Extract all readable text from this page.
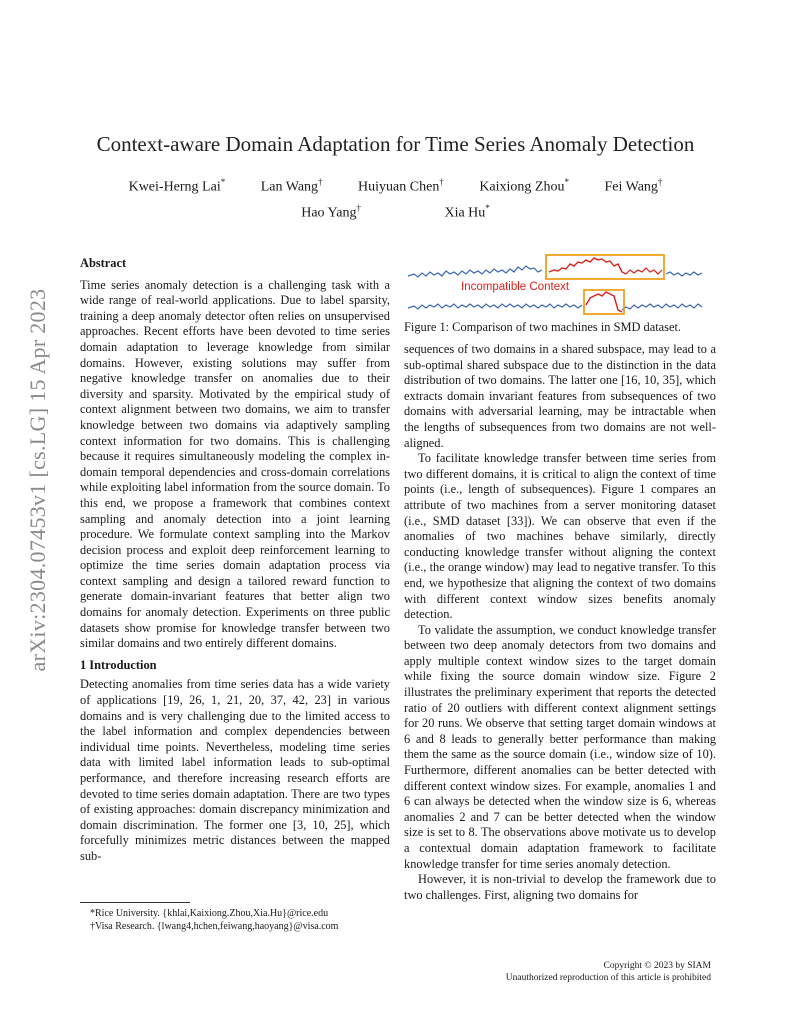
arXiv:2304.07453v1 [cs.LG] 15 Apr 2023
Context-aware Domain Adaptation for Time Series Anomaly Detection
Kwei-Herng Lai*	Lan Wang†	Huiyuan Chen†	Kaixiong Zhou*	Fei Wang†
Hao Yang†	Xia Hu*
Abstract

Time series anomaly detection is a challenging task with a wide range of real-world applications. Due to label sparsity, training a deep anomaly detector often relies on unsupervised approaches. Recent efforts have been devoted to time series domain adaptation to leverage knowledge from similar domains. However, existing solutions may suffer from negative knowledge transfer on anomalies due to their diversity and sparsity. Motivated by the empirical study of context alignment between two domains, we aim to transfer knowledge between two domains via adaptively sampling context information for two domains. This is challenging because it requires simultaneously modeling the complex in-domain temporal dependencies and cross-domain correlations while exploiting label information from the source domain. To this end, we propose a framework that combines context sampling and anomaly detection into a joint learning procedure. We formulate context sampling into the Markov decision process and exploit deep reinforcement learning to optimize the time series domain adaptation process via context sampling and design a tailored reward function to generate domain-invariant features that better align two domains for anomaly detection. Experiments on three public datasets show promise for knowledge transfer between two similar domains and two entirely different domains.

1 Introduction

Detecting anomalies from time series data has a wide variety of applications [19, 26, 1, 21, 20, 37, 42, 23] in various domains and is very challenging due to the limited access to the label information and complex dependencies between individual time points. Nevertheless, modeling time series data with limited label information leads to sub-optimal performance, and therefore increasing research efforts are devoted to time series domain adaptation. There are two types of existing approaches: domain discrepancy minimization and domain discrimination. The former one [3, 10, 25], which forcefully minimizes metric distances between the mapped sub-

*Rice University. {khlai,Kaixiong.Zhou,Xia.Hu}@rice.edu
†Visa Research. {lwang4,hchen,feiwang,haoyang}@visa.com
Incompatible Context
Figure 1: Comparison of two machines in SMD dataset.

sequences of two domains in a shared subspace, may lead to a sub-optimal shared subspace due to the distinction in the data distribution of two domains. The latter one [16, 10, 35], which extracts domain invariant features from subsequences of two domains with adversarial learning, may be intractable when the lengths of subsequences from two domains are not well-aligned.

To facilitate knowledge transfer between time series from two different domains, it is critical to align the context of time points (i.e., length of subsequences). Figure 1 compares an attribute of two machines from a server monitoring dataset (i.e., SMD dataset [33]). We can observe that even if the anomalies of two machines behave similarly, directly conducting knowledge transfer without aligning the context (i.e., the orange window) may lead to negative transfer. To this end, we hypothesize that aligning the context of two domains with different context window sizes benefits anomaly detection.

To validate the assumption, we conduct knowledge transfer between two deep anomaly detectors from two domains and apply multiple context window sizes to the target domain while fixing the source domain window size. Figure 2 illustrates the preliminary experiment that reports the detected ratio of 20 outliers with different context alignment settings for 20 runs. We observe that setting target domain windows at 6 and 8 leads to generally better performance than making them the same as the source domain (i.e., window size of 10). Furthermore, different anomalies can be better detected with different context window sizes. For example, anomalies 1 and 6 can always be detected when the window size is 6, whereas anomalies 2 and 7 can be better detected when the window size is set to 8. The observations above motivate us to develop a contextual domain adaptation framework to facilitate knowledge transfer for time series anomaly detection.

However, it is non-trivial to develop the framework due to two challenges. First, aligning two domains for

Copyright © 2023 by SIAM
Unauthorized reproduction of this article is prohibited
